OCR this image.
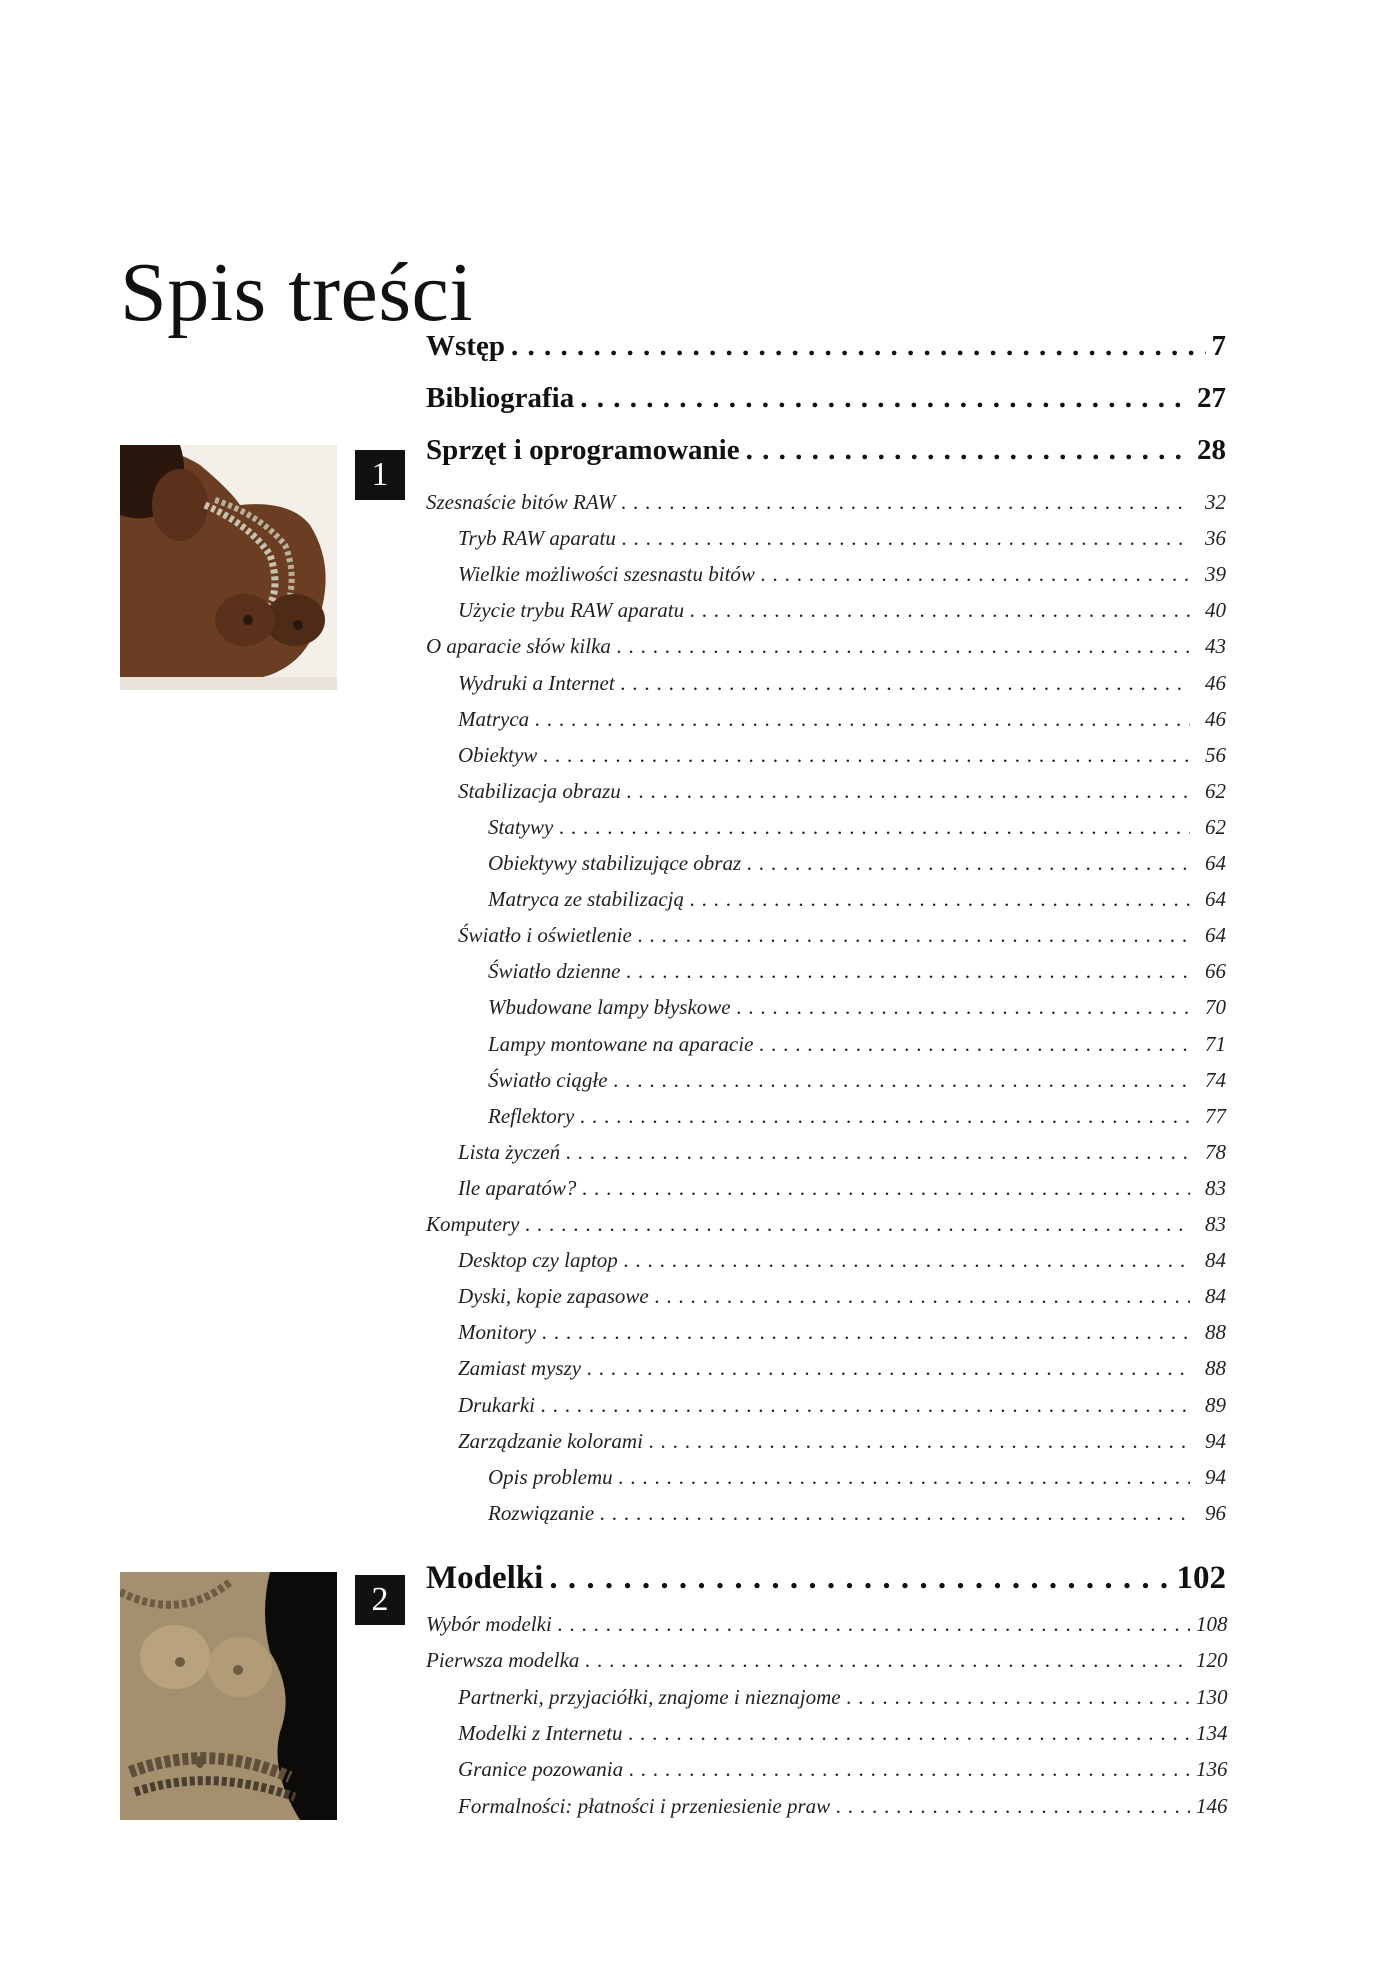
Spis treści
1
2
Wstęp . . .	7
Bibliografia . . .	27
Sprzęt i oprogramowanie . . .	28
Szesnaście bitów RAW . . .	32
Tryb RAW aparatu . . .	36
Wielkie możliwości szesnastu bitów . . .	39
Użycie trybu RAW aparatu . . .	40
O aparacie słów kilka . . .	43
Wydruki a Internet . . .	46
Matryca . . .	46
Obiektyw . . .	56
Stabilizacja obrazu . . .	62
Statywy . . .	62
Obiektywy stabilizujące obraz . . .	64
Matryca ze stabilizacją . . .	64
Światło i oświetlenie . . .	64
Światło dzienne . . .	66
Wbudowane lampy błyskowe . . .	70
Lampy montowane na aparacie . . .	71
Światło ciągłe . . .	74
Reflektory . . .	77
Lista życzeń . . .	78
Ile aparatów? . . .	83
Komputery . . .	83
Desktop czy laptop . . .	84
Dyski, kopie zapasowe . . .	84
Monitory . . .	88
Zamiast myszy . . .	88
Drukarki . . .	89
Zarządzanie kolorami . . .	94
Opis problemu . . .	94
Rozwiązanie . . .	96
Modelki . . .	102
Wybór modelki . . .	108
Pierwsza modelka . . .	120
Partnerki, przyjaciółki, znajome i nieznajome . . .	130
Modelki z Internetu . . .	134
Granice pozowania . . .	136
Formalności: płatności i przeniesienie praw . . .	146
